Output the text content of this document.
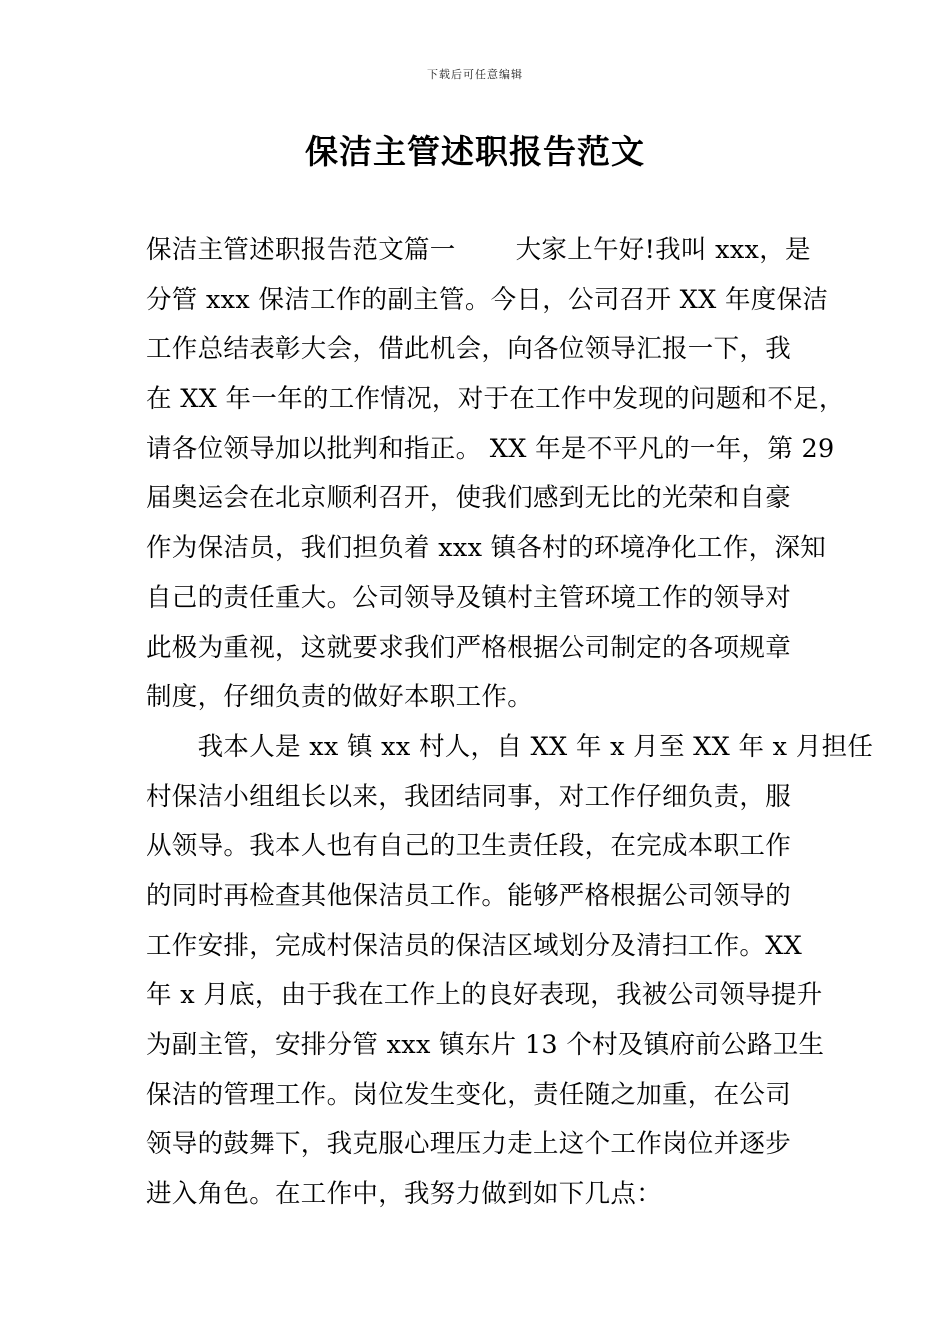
下载后可任意编辑
保洁主管述职报告范文
保洁主管述职报告范文篇一　　 大家上午好!我叫 xxx，是
分管 xxx 保洁工作的副主管。今日，公司召开 XX 年度保洁
工作总结表彰大会，借此机会，向各位领导汇报一下，我
在 XX 年一年的工作情况，对于在工作中发现的问题和不足，
请各位领导加以批判和指正。 XX 年是不平凡的一年，第 29
届奥运会在北京顺利召开，使我们感到无比的光荣和自豪
作为保洁员，我们担负着 xxx 镇各村的环境净化工作，深知
自己的责任重大。公司领导及镇村主管环境工作的领导对
此极为重视，这就要求我们严格根据公司制定的各项规章
制度，仔细负责的做好本职工作。
　　我本人是 xx 镇 xx 村人，自 XX 年 x 月至 XX 年 x 月担任
村保洁小组组长以来，我团结同事，对工作仔细负责，服
从领导。我本人也有自己的卫生责任段，在完成本职工作
的同时再检查其他保洁员工作。能够严格根据公司领导的
工作安排，完成村保洁员的保洁区域划分及清扫工作。XX
年 x 月底，由于我在工作上的良好表现，我被公司领导提升
为副主管，安排分管 xxx 镇东片 13 个村及镇府前公路卫生
保洁的管理工作。岗位发生变化，责任随之加重，在公司
领导的鼓舞下，我克服心理压力走上这个工作岗位并逐步
进入角色。在工作中，我努力做到如下几点：
